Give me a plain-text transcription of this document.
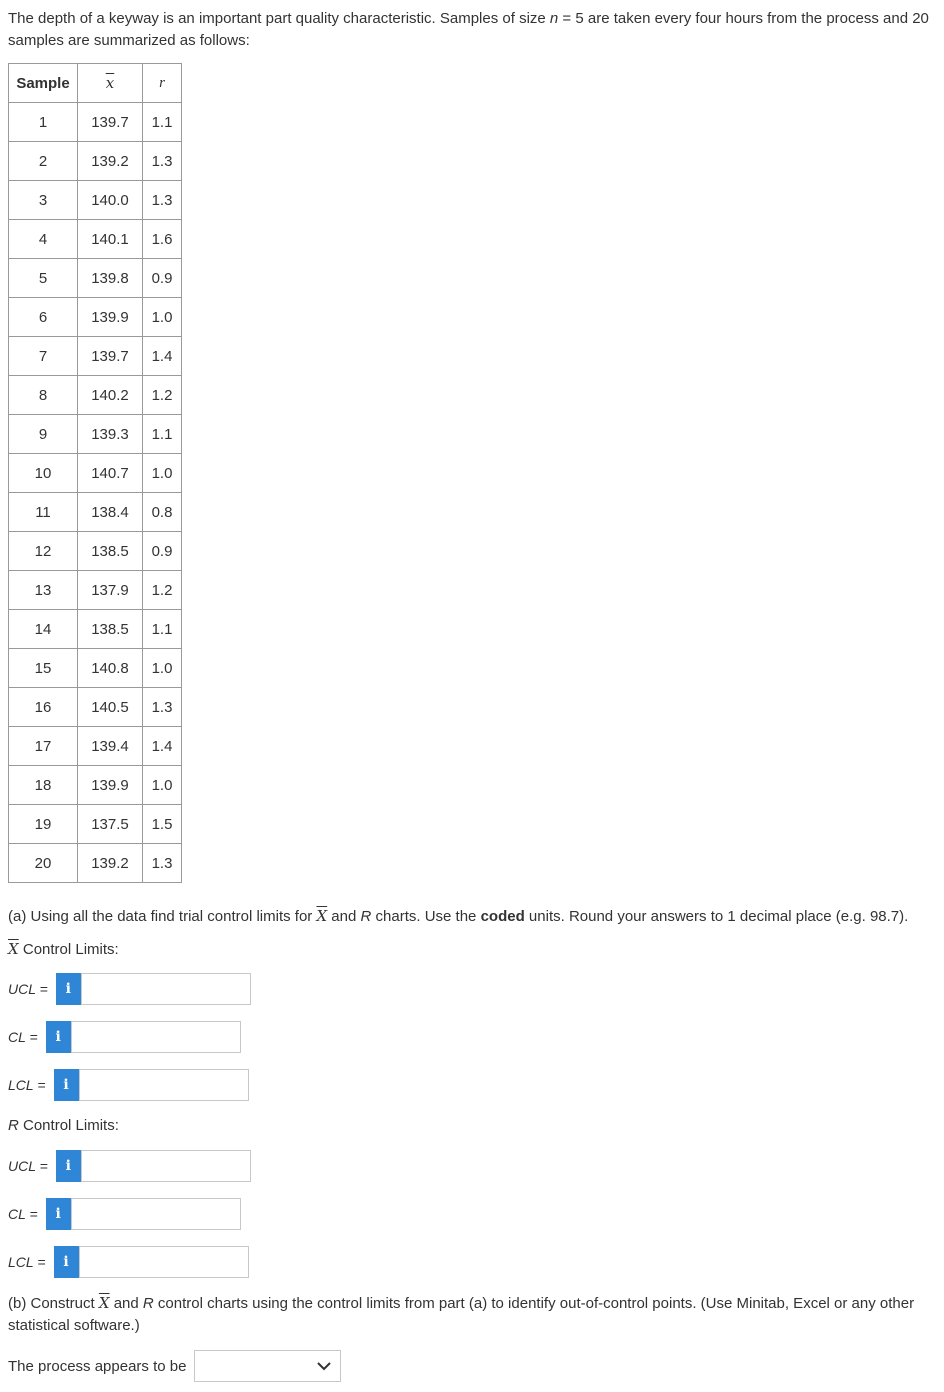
The depth of a keyway is an important part quality characteristic. Samples of size n = 5 are taken every four hours from the process and 20 samples are summarized as follows:
Sample	$\overline{x}$	r
1	139.7	1.1
2	139.2	1.3
3	140.0	1.3
4	140.1	1.6
5	139.8	0.9
6	139.9	1.0
7	139.7	1.4
8	140.2	1.2
9	139.3	1.1
10	140.7	1.0
11	138.4	0.8
12	138.5	0.9
13	137.9	1.2
14	138.5	1.1
15	140.8	1.0
16	140.5	1.3
17	139.4	1.4
18	139.9	1.0
19	137.5	1.5
20	139.2	1.3
(a) Using all the data find trial control limits for $\overline{X}$ and R charts. Use the coded units. Round your answers to 1 decimal place (e.g. 98.7).
$\overline{X}$ Control Limits:
UCL =	i
CL =	i
LCL =	i
R Control Limits:
UCL =	i
CL =	i
LCL =	i
(b) Construct $\overline{X}$ and R control charts using the control limits from part (a) to identify out-of-control points. (Use Minitab, Excel or any other statistical software.)
The process appears to be
